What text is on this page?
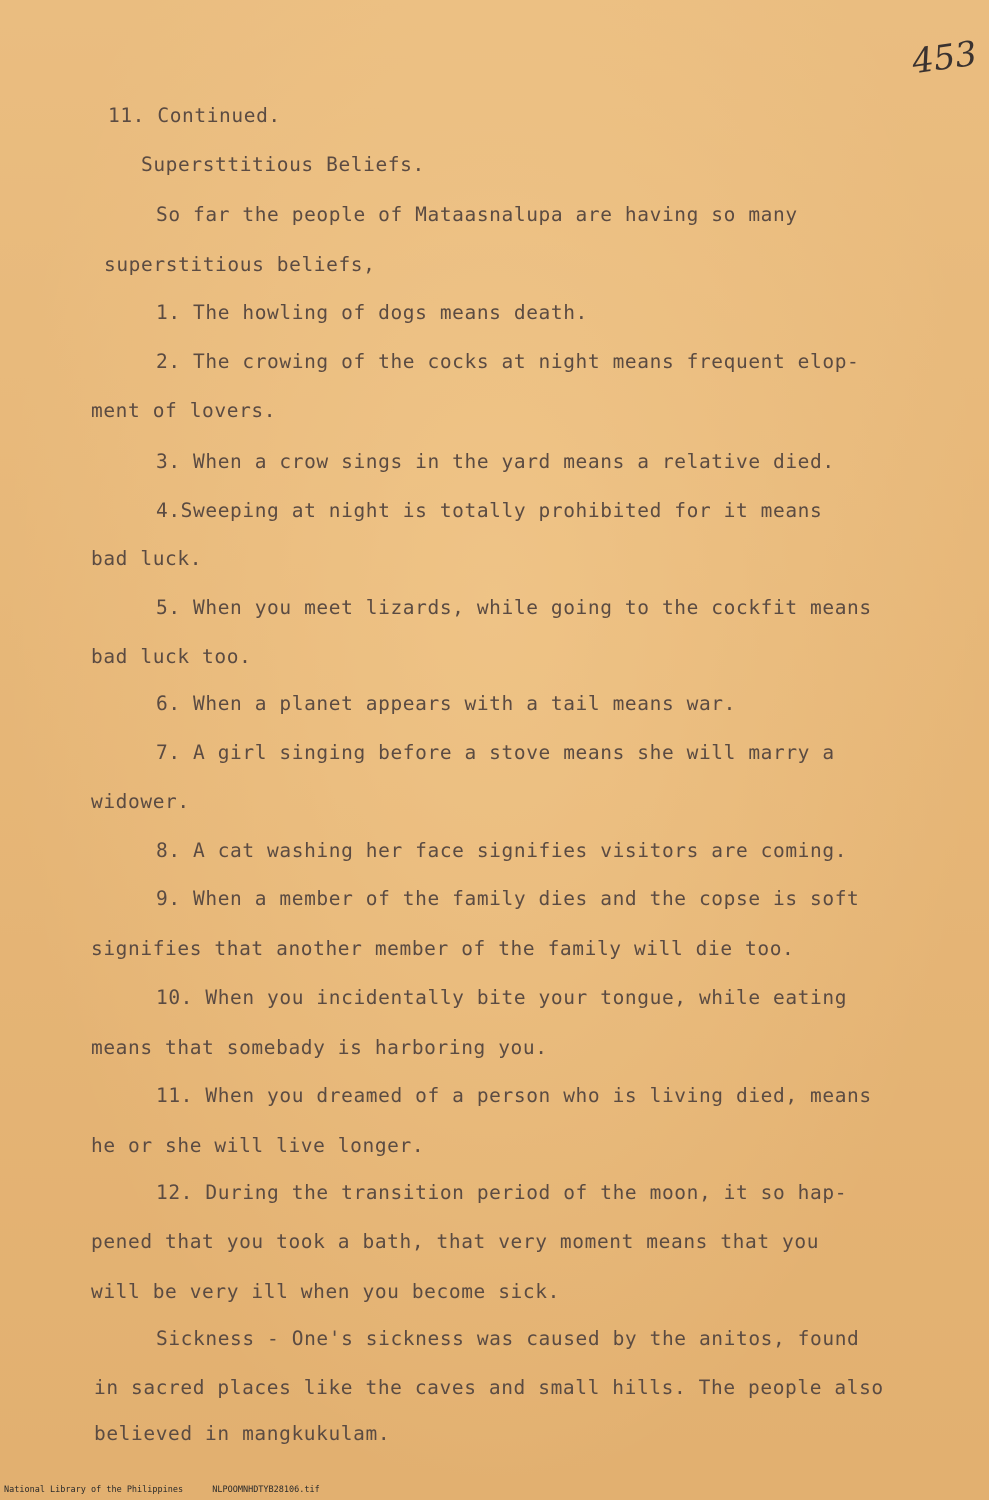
453
11. Continued.
Supersttitious Beliefs.
So far the people of Mataasnalupa are having so many
superstitious beliefs,
1. The howling of dogs means death.
2. The crowing of the cocks at night means frequent elop-
ment of lovers.
3. When a crow sings in the yard means a relative died.
4.Sweeping at night is totally prohibited for it means
bad luck.
5. When you meet lizards, while going to the cockfit means
bad luck too.
6. When a planet appears with a tail means war.
7. A girl singing before a stove means she will marry a
widower.
8. A cat washing her face signifies visitors are coming.
9. When a member of the family dies and the copse is soft
signifies that another member of the family will die too.
10. When you incidentally bite your tongue, while eating
means that somebady is harboring you.
11. When you dreamed of a person who is living died, means
he or she will live longer.
12. During the transition period of the moon, it so hap-
pened that you took a bath, that very moment means that you
will be very ill when you become sick.
Sickness - One's sickness was caused by the anitos, found
in sacred places like the caves and small hills. The people also
believed in mangkukulam.
National Library of the Philippines	NLPOOMNHDTYB28106.tif
